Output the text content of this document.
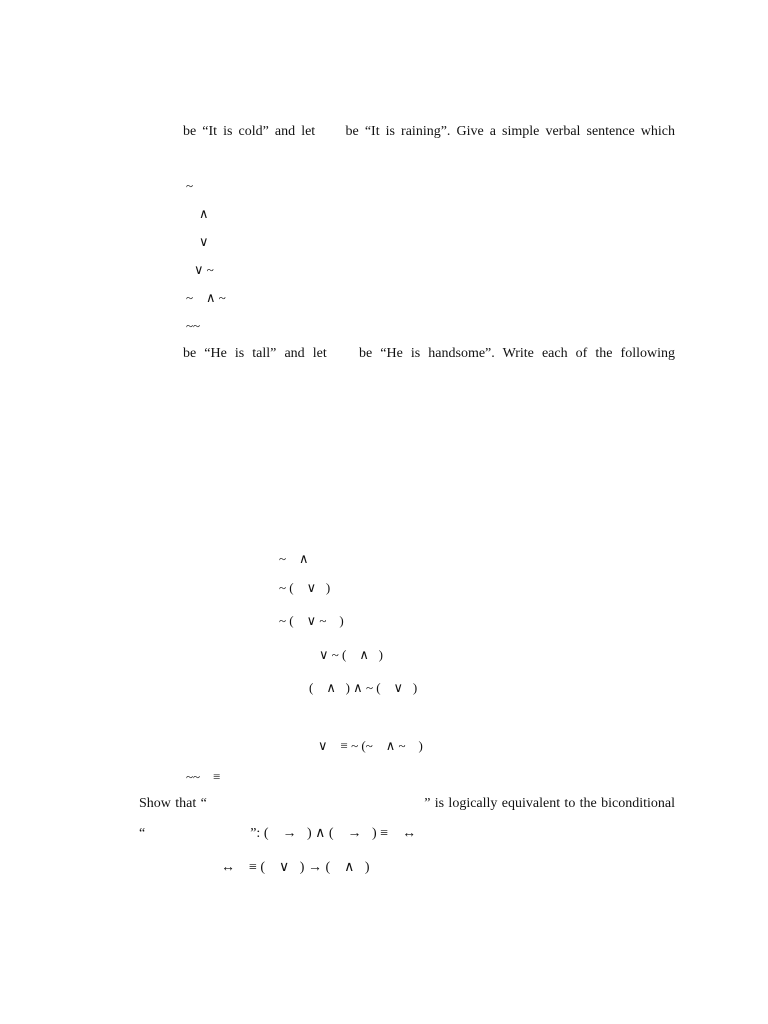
be “It is cold” and let     be “It is raining”. Give a simple verbal sentence which

~

∧

∨

∨ ~

~    ∧ ~

~~

be “He is tall” and let    be “He is handsome”. Write each of the following

~    ∧

~ (    ∨   )

~ (    ∨ ~    )

∨ ~ (    ∧   )

(    ∧   ) ∧ ~ (    ∨   )

∨    ≡ ~ (~    ∧ ~    )

~~    ≡

Show that “                                                  ” is logically equivalent to the biconditional

“                              ”: (    →   ) ∧ (    →   ) ≡    ↔

↔    ≡ (    ∨   ) → (    ∧   )
